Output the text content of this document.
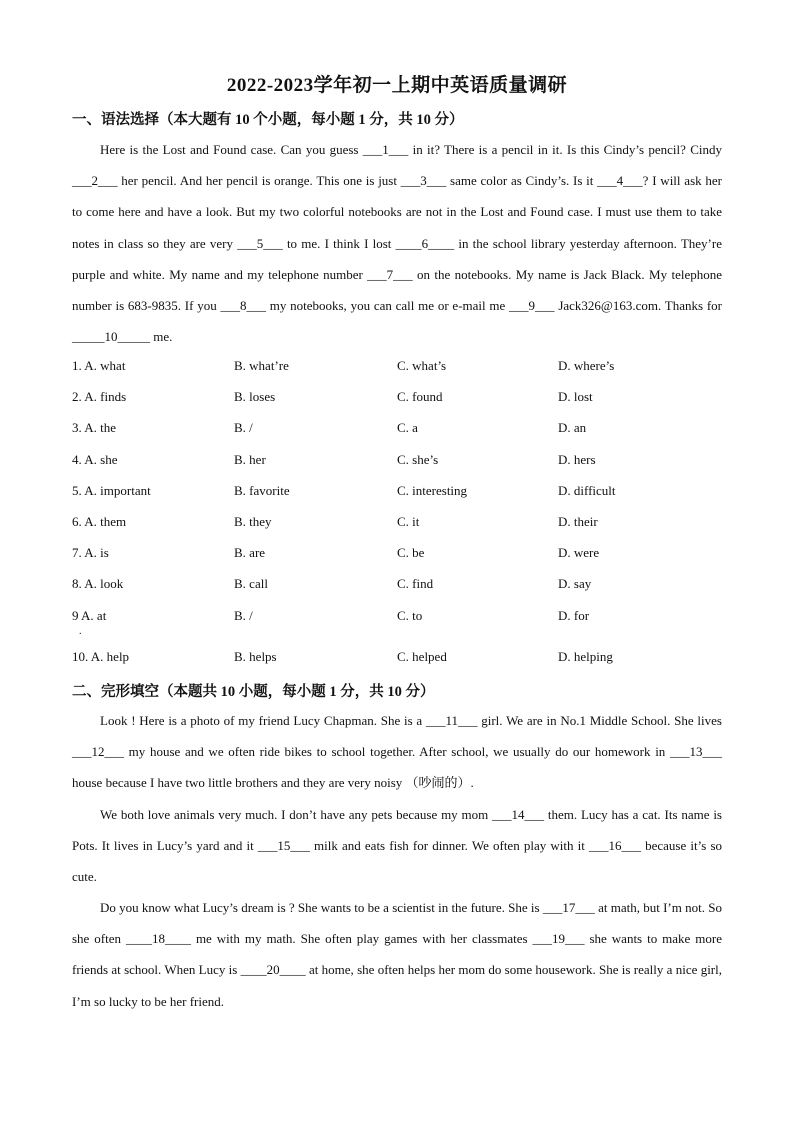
2022-2023学年初一上期中英语质量调研
一、语法选择（本大题有 10 个小题，每小题 1 分，共 10 分）
Here is the Lost and Found case. Can you guess ___1___ in it? There is a pencil in it. Is this Cindy’s pencil? Cindy ___2___ her pencil. And her pencil is orange. This one is just ___3___ same color as Cindy’s. Is it ___4___? I will ask her to come here and have a look. But my two colorful notebooks are not in the Lost and Found case. I must use them to take notes in class so they are very ___5___ to me. I think I lost ____6____ in the school library yesterday afternoon. They’re purple and white. My name and my telephone number ___7___ on the notebooks. My name is Jack Black. My telephone number is 683-9835. If you ___8___ my notebooks, you can call me or e-mail me ___9___ Jack326@163.com. Thanks for _____10_____ me.
1. A. what	B. what’re	C. what’s	D. where’s
2. A. finds	B. loses	C. found	D. lost
3. A. the	B. /	C. a	D. an
4. A. she	B. her	C. she’s	D. hers
5. A. important	B. favorite	C. interesting	D. difficult
6. A. them	B. they	C. it	D. their
7. A. is	B. are	C. be	D. were
8. A. look	B. call	C. find	D. say
9 A. at	B. /	C. to	D. for
.
10. A. help	B. helps	C. helped	D. helping
二、完形填空（本题共 10 小题，每小题 1 分，共 10 分）
Look ! Here is a photo of my friend Lucy Chapman. She is a ___11___ girl. We are in No.1 Middle School. She lives ___12___ my house and we often ride bikes to school together. After school, we usually do our homework in ___13___ house because I have two little brothers and they are very noisy （吵闹的）.
We both love animals very much. I don’t have any pets because my mom ___14___ them. Lucy has a cat. Its name is Pots. It lives in Lucy’s yard and it ___15___ milk and eats fish for dinner. We often play with it ___16___ because it’s so cute.
Do you know what Lucy’s dream is ? She wants to be a scientist in the future. She is ___17___ at math, but I’m not. So she often ____18____ me with my math. She often play games with her classmates ___19___ she wants to make more friends at school. When Lucy is ____20____ at home, she often helps her mom do some housework. She is really a nice girl, I’m so lucky to be her friend.
